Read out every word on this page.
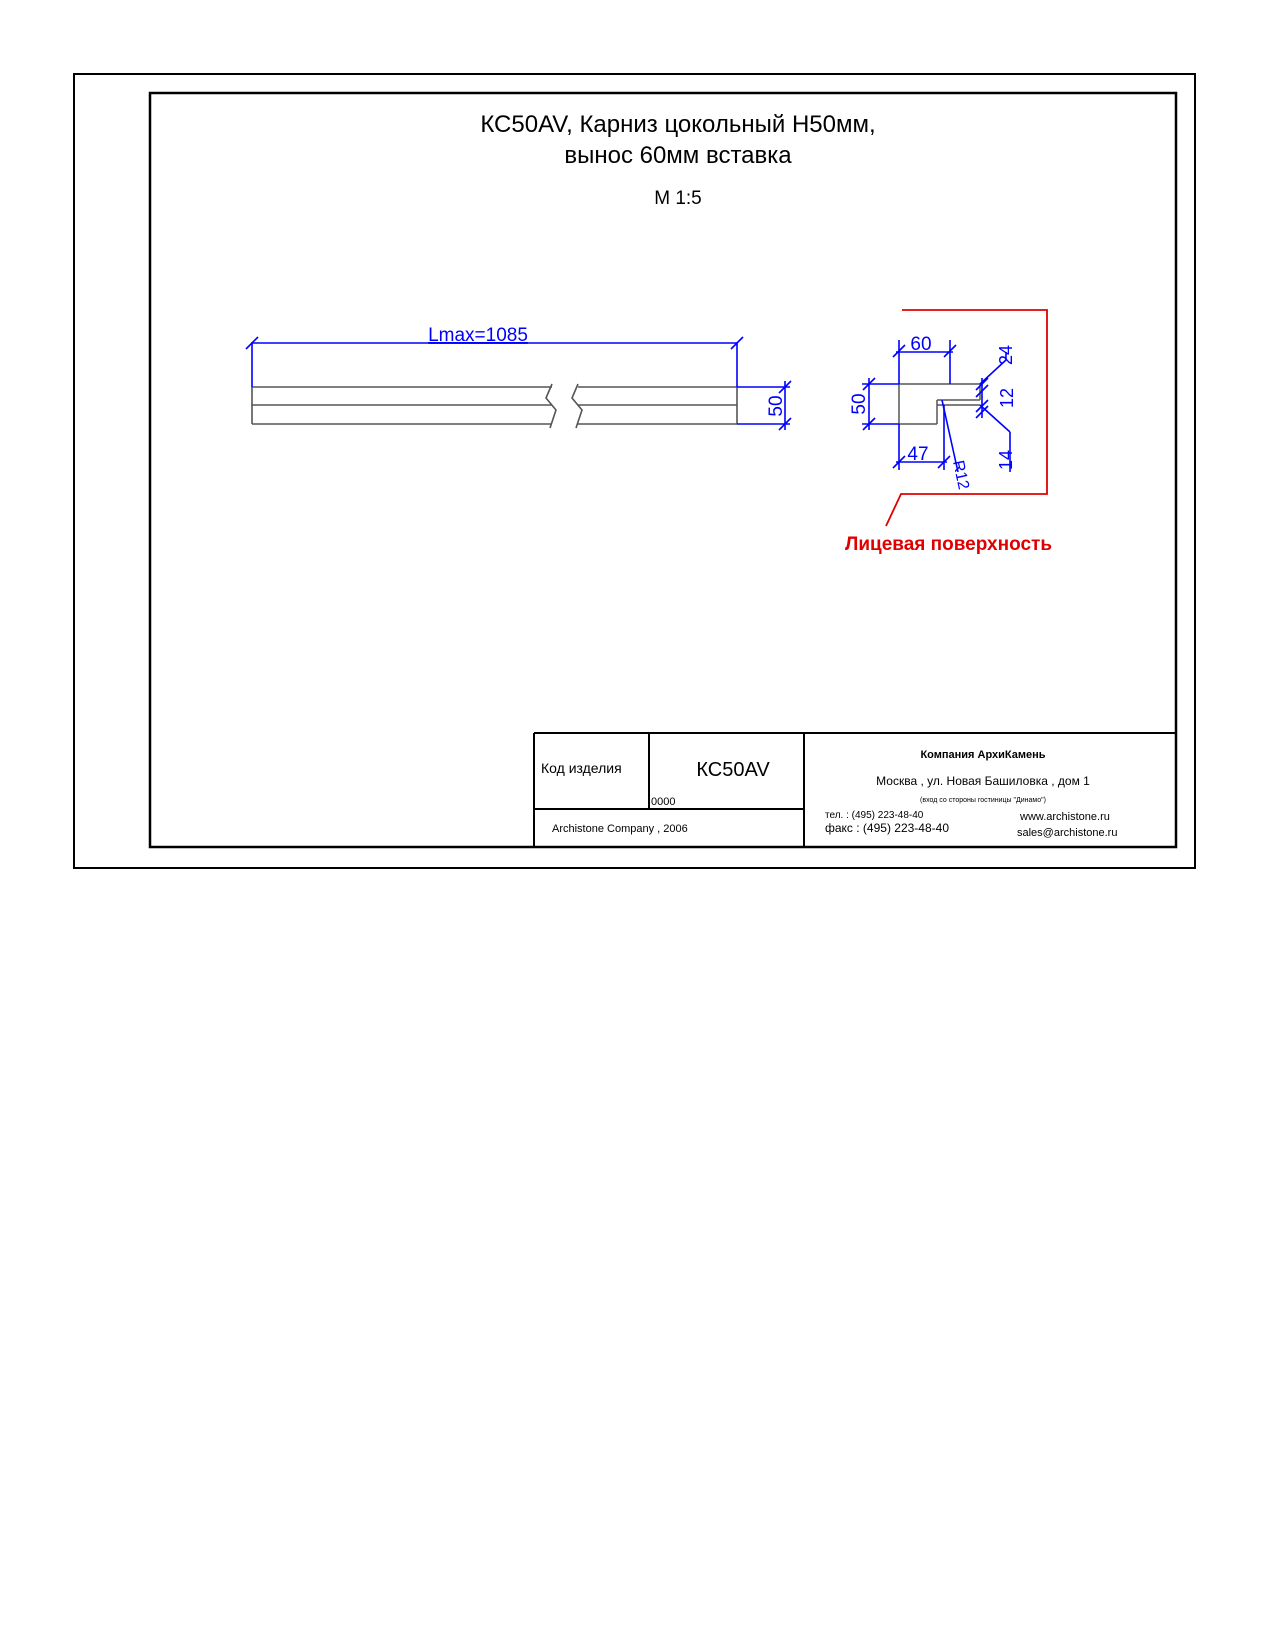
КС50AV, Карниз цокольный H50мм,
вынос 60мм вставка
М 1:5
Lmax=1085
50
60
50
47
R12
24
12
14
Лицевая поверхность
Код изделия	КС50AV
0000
Archistone Company , 2006
Компания АрхиКамень
Москва , ул. Новая Башиловка , дом 1
(вход со стороны гостиницы "Динамо")
тел. : (495) 223-48-40
факс : (495) 223-48-40
www.archistone.ru
sales@archistone.ru
